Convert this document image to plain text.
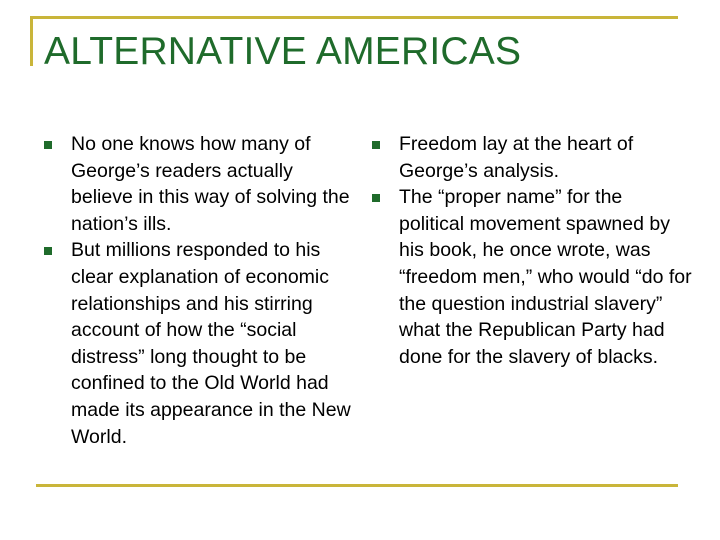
ALTERNATIVE AMERICAS
No one knows how many of George’s readers actually believe in this way of solving the nation’s ills.
But millions responded to his clear explanation of economic relationships and his stirring account of how the “social distress” long thought to be confined to the Old World had made its appearance in the New World.
Freedom lay at the heart of George’s analysis.
The “proper name” for the political movement spawned by his book, he once wrote, was “freedom men,” who would “do for the question industrial slavery” what the Republican Party had done for the slavery of blacks.
